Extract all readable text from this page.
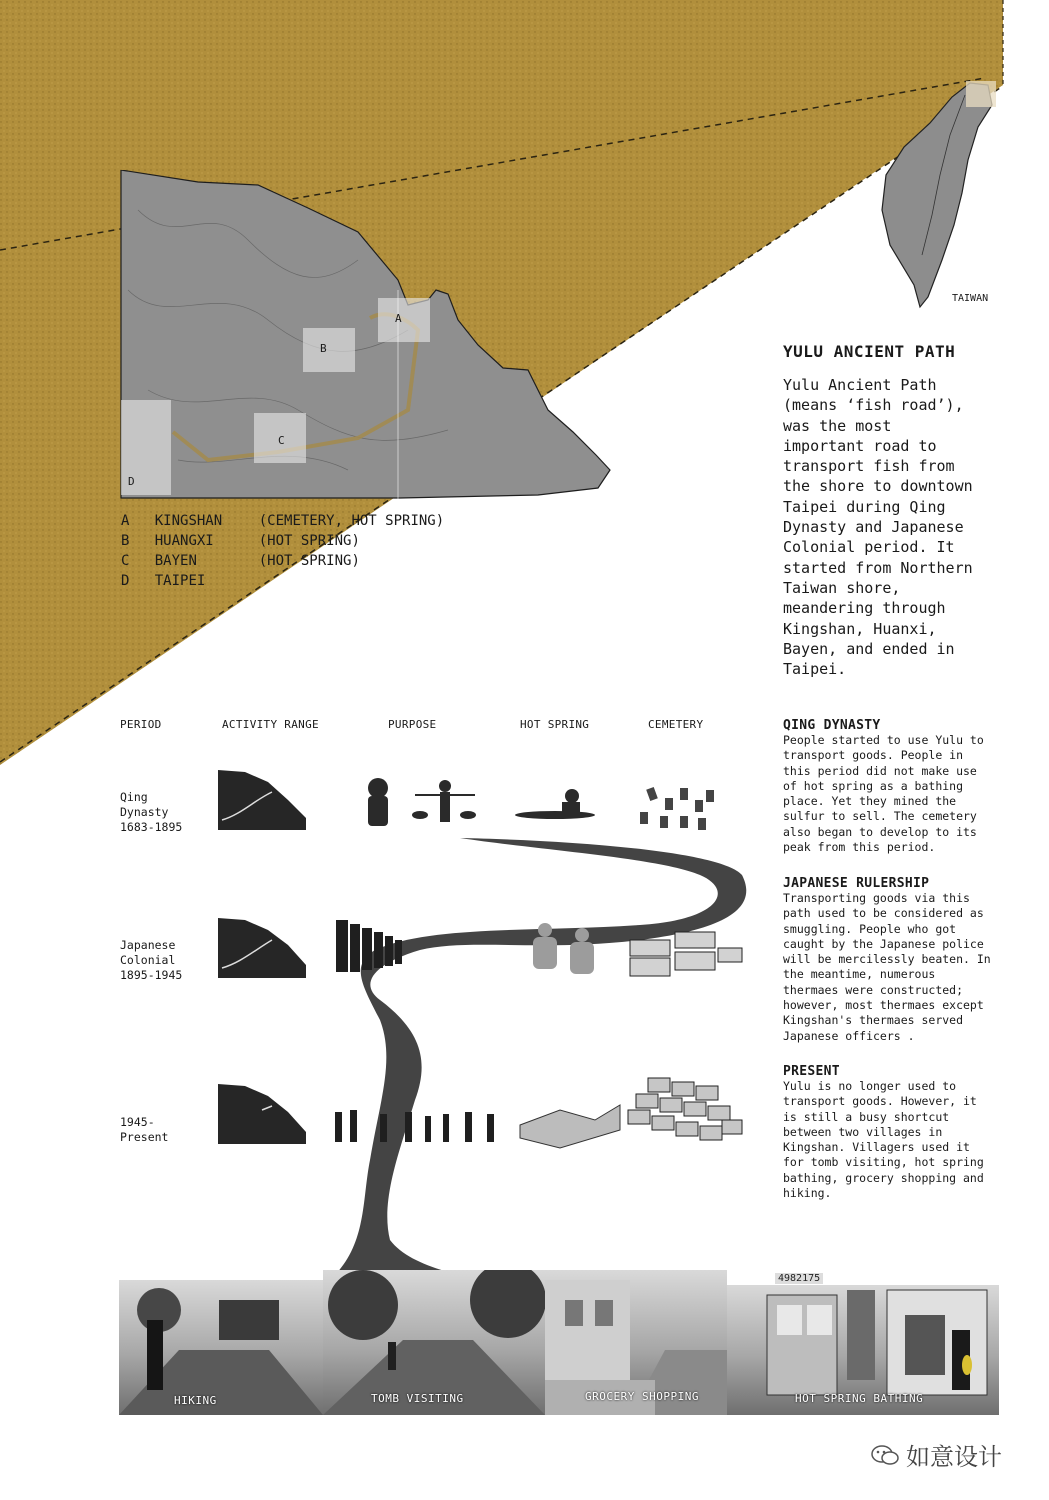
TAIWAN
A
B
C
D
A KINGSHAN	(CEMETERY, HOT SPRING)
B HUANGXI	(HOT SPRING)
C BAYEN	(HOT SPRING)
D TAIPEI
YULU ANCIENT PATH
Yulu Ancient Path
(means ‘fish road’),
was the most
important road to
transport fish from
the shore to downtown
Taipei during Qing
Dynasty and Japanese
Colonial period. It
started from Northern
Taiwan shore,
meandering through
Kingshan, Huanxi,
Bayen, and ended in
Taipei.
PERIOD	ACTIVITY RANGE	PURPOSE	HOT SPRING	CEMETERY
Qing
Dynasty
1683-1895
Japanese
Colonial
1895-1945
1945-
Present
QING DYNASTY
People started to use Yulu to
transport goods. People in
this period did not make use
of hot spring as a bathing
place. Yet they mined the
sulfur to sell. The cemetery
also began to develop to its
peak from this period.
JAPANESE RULERSHIP
Transporting goods via this
path used to be considered as
smuggling. People who got
caught by the Japanese police
will be mercilessly beaten. In
the meantime, numerous
thermaes were constructed;
however, most thermaes except
Kingshan's thermaes served
Japanese officers .
PRESENT
Yulu is no longer used to
transport goods. However, it
is still a busy shortcut
between two villages in
Kingshan. Villagers used it
for tomb visiting, hot spring
bathing, grocery shopping and
hiking.
HIKING	TOMB VISITING	GROCERY SHOPPING
4982175
HOT SPRING BATHING
如意设计
